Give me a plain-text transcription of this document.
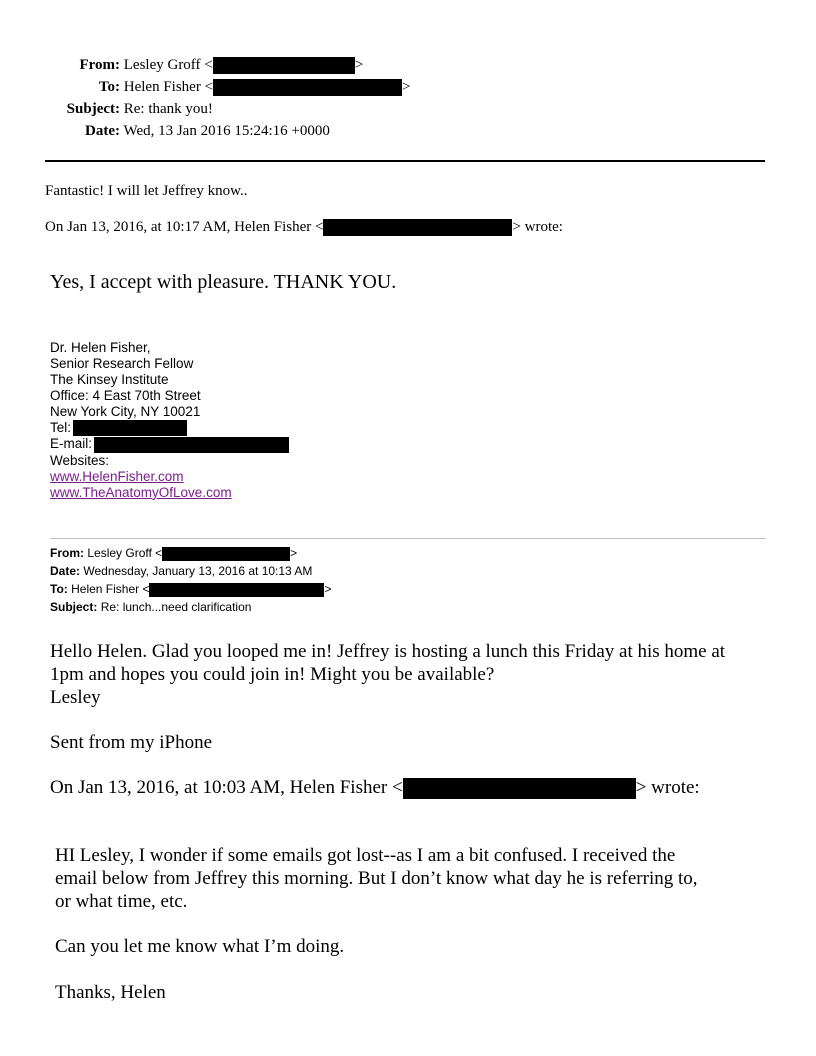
From: Lesley Groff <	>
To: Helen Fisher <	>
Subject: Re: thank you!
Date: Wed, 13 Jan 2016 15:24:16 +0000
Fantastic! I will let Jeffrey know..
On Jan 13, 2016, at 10:17 AM, Helen Fisher <	> wrote:
Yes, I accept with pleasure. THANK YOU.
Dr. Helen Fisher,
Senior Research Fellow
The Kinsey Institute
Office: 4 East 70th Street
New York City, NY 10021
Tel:
E-mail:
Websites:
www.HelenFisher.com
www.TheAnatomyOfLove.com
From: Lesley Groff <	>
Date: Wednesday, January 13, 2016 at 10:13 AM
To: Helen Fisher <	>
Subject: Re: lunch...need clarification
Hello Helen. Glad you looped me in! Jeffrey is hosting a lunch this Friday at his home at
1pm and hopes you could join in! Might you be available?
Lesley
Sent from my iPhone
On Jan 13, 2016, at 10:03 AM, Helen Fisher <	> wrote:
HI Lesley, I wonder if some emails got lost--as I am a bit confused. I received the
email below from Jeffrey this morning. But I don’t know what day he is referring to,
or what time, etc.
Can you let me know what I’m doing.
Thanks, Helen
